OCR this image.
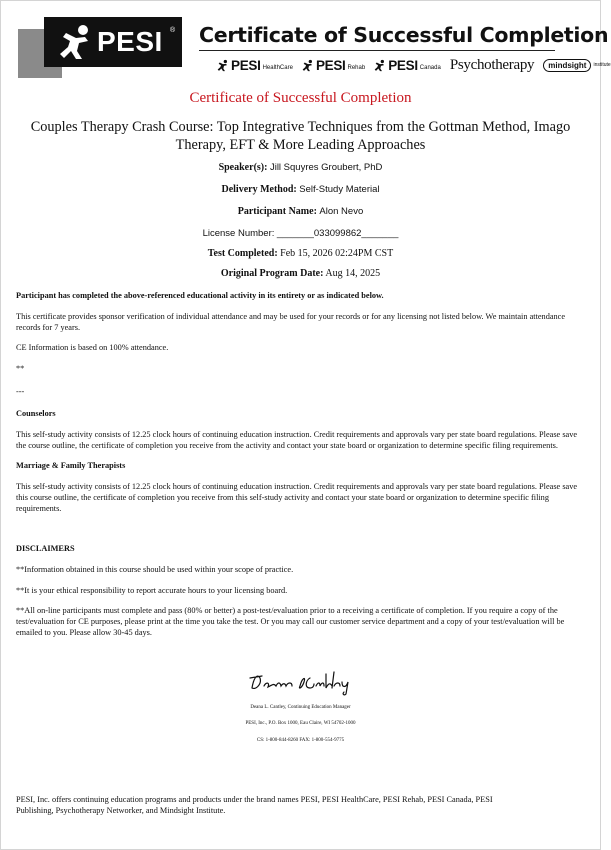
PESI ® Certificate of Successful Completion
PESI HealthCare PESI Rehab PESI Canada Psychotherapy	mindsight	institute
Certificate of Successful Completion
Couples Therapy Crash Course: Top Integrative Techniques from the Gottman Method, Imago Therapy, EFT & More Leading Approaches
Speaker(s): Jill Squyres Groubert, PhD
Delivery Method: Self-Study Material
Participant Name: Alon Nevo
License Number: _______033099862_______
Test Completed: Feb 15, 2026 02:24PM CST
Original Program Date: Aug 14, 2025
Participant has completed the above-referenced educational activity in its entirety or as indicated below.
This certificate provides sponsor verification of individual attendance and may be used for your records or for any licensing not listed below. We maintain attendance records for 7 years.
CE Information is based on 100% attendance.
**
---
Counselors
This self-study activity consists of 12.25 clock hours of continuing education instruction. Credit requirements and approvals vary per state board regulations. Please save the course outline, the certificate of completion you receive from the activity and contact your state board or organization to determine specific filing requirements.
Marriage & Family Therapists
This self-study activity consists of 12.25 clock hours of continuing education instruction. Credit requirements and approvals vary per state board regulations. Please save this course outline, the certificate of completion you receive from this self-study activity and contact your state board or organization to determine specific filing requirements.
DISCLAIMERS
**Information obtained in this course should be used within your scope of practice.
**It is your ethical responsibility to report accurate hours to your licensing board.
**All on-line participants must complete and pass (80% or better) a post-test/evaluation prior to a receiving a certificate of completion. If you require a copy of the test/evaluation for CE purposes, please print at the time you take the test. Or you may call our customer service department and a copy of your test/evaluation will be emailed to you. Please allow 30-45 days.
Deana L. Cantley, Continuing Education Manager
PESI, Inc., P.O. Box 1000, Eau Claire, WI 54702-1000
CS: 1-800-844-8260 FAX: 1-800-554-9775
PESI, Inc. offers continuing education programs and products under the brand names PESI, PESI HealthCare, PESI Rehab, PESI Canada, PESI Publishing, Psychotherapy Networker, and Mindsight Institute.
